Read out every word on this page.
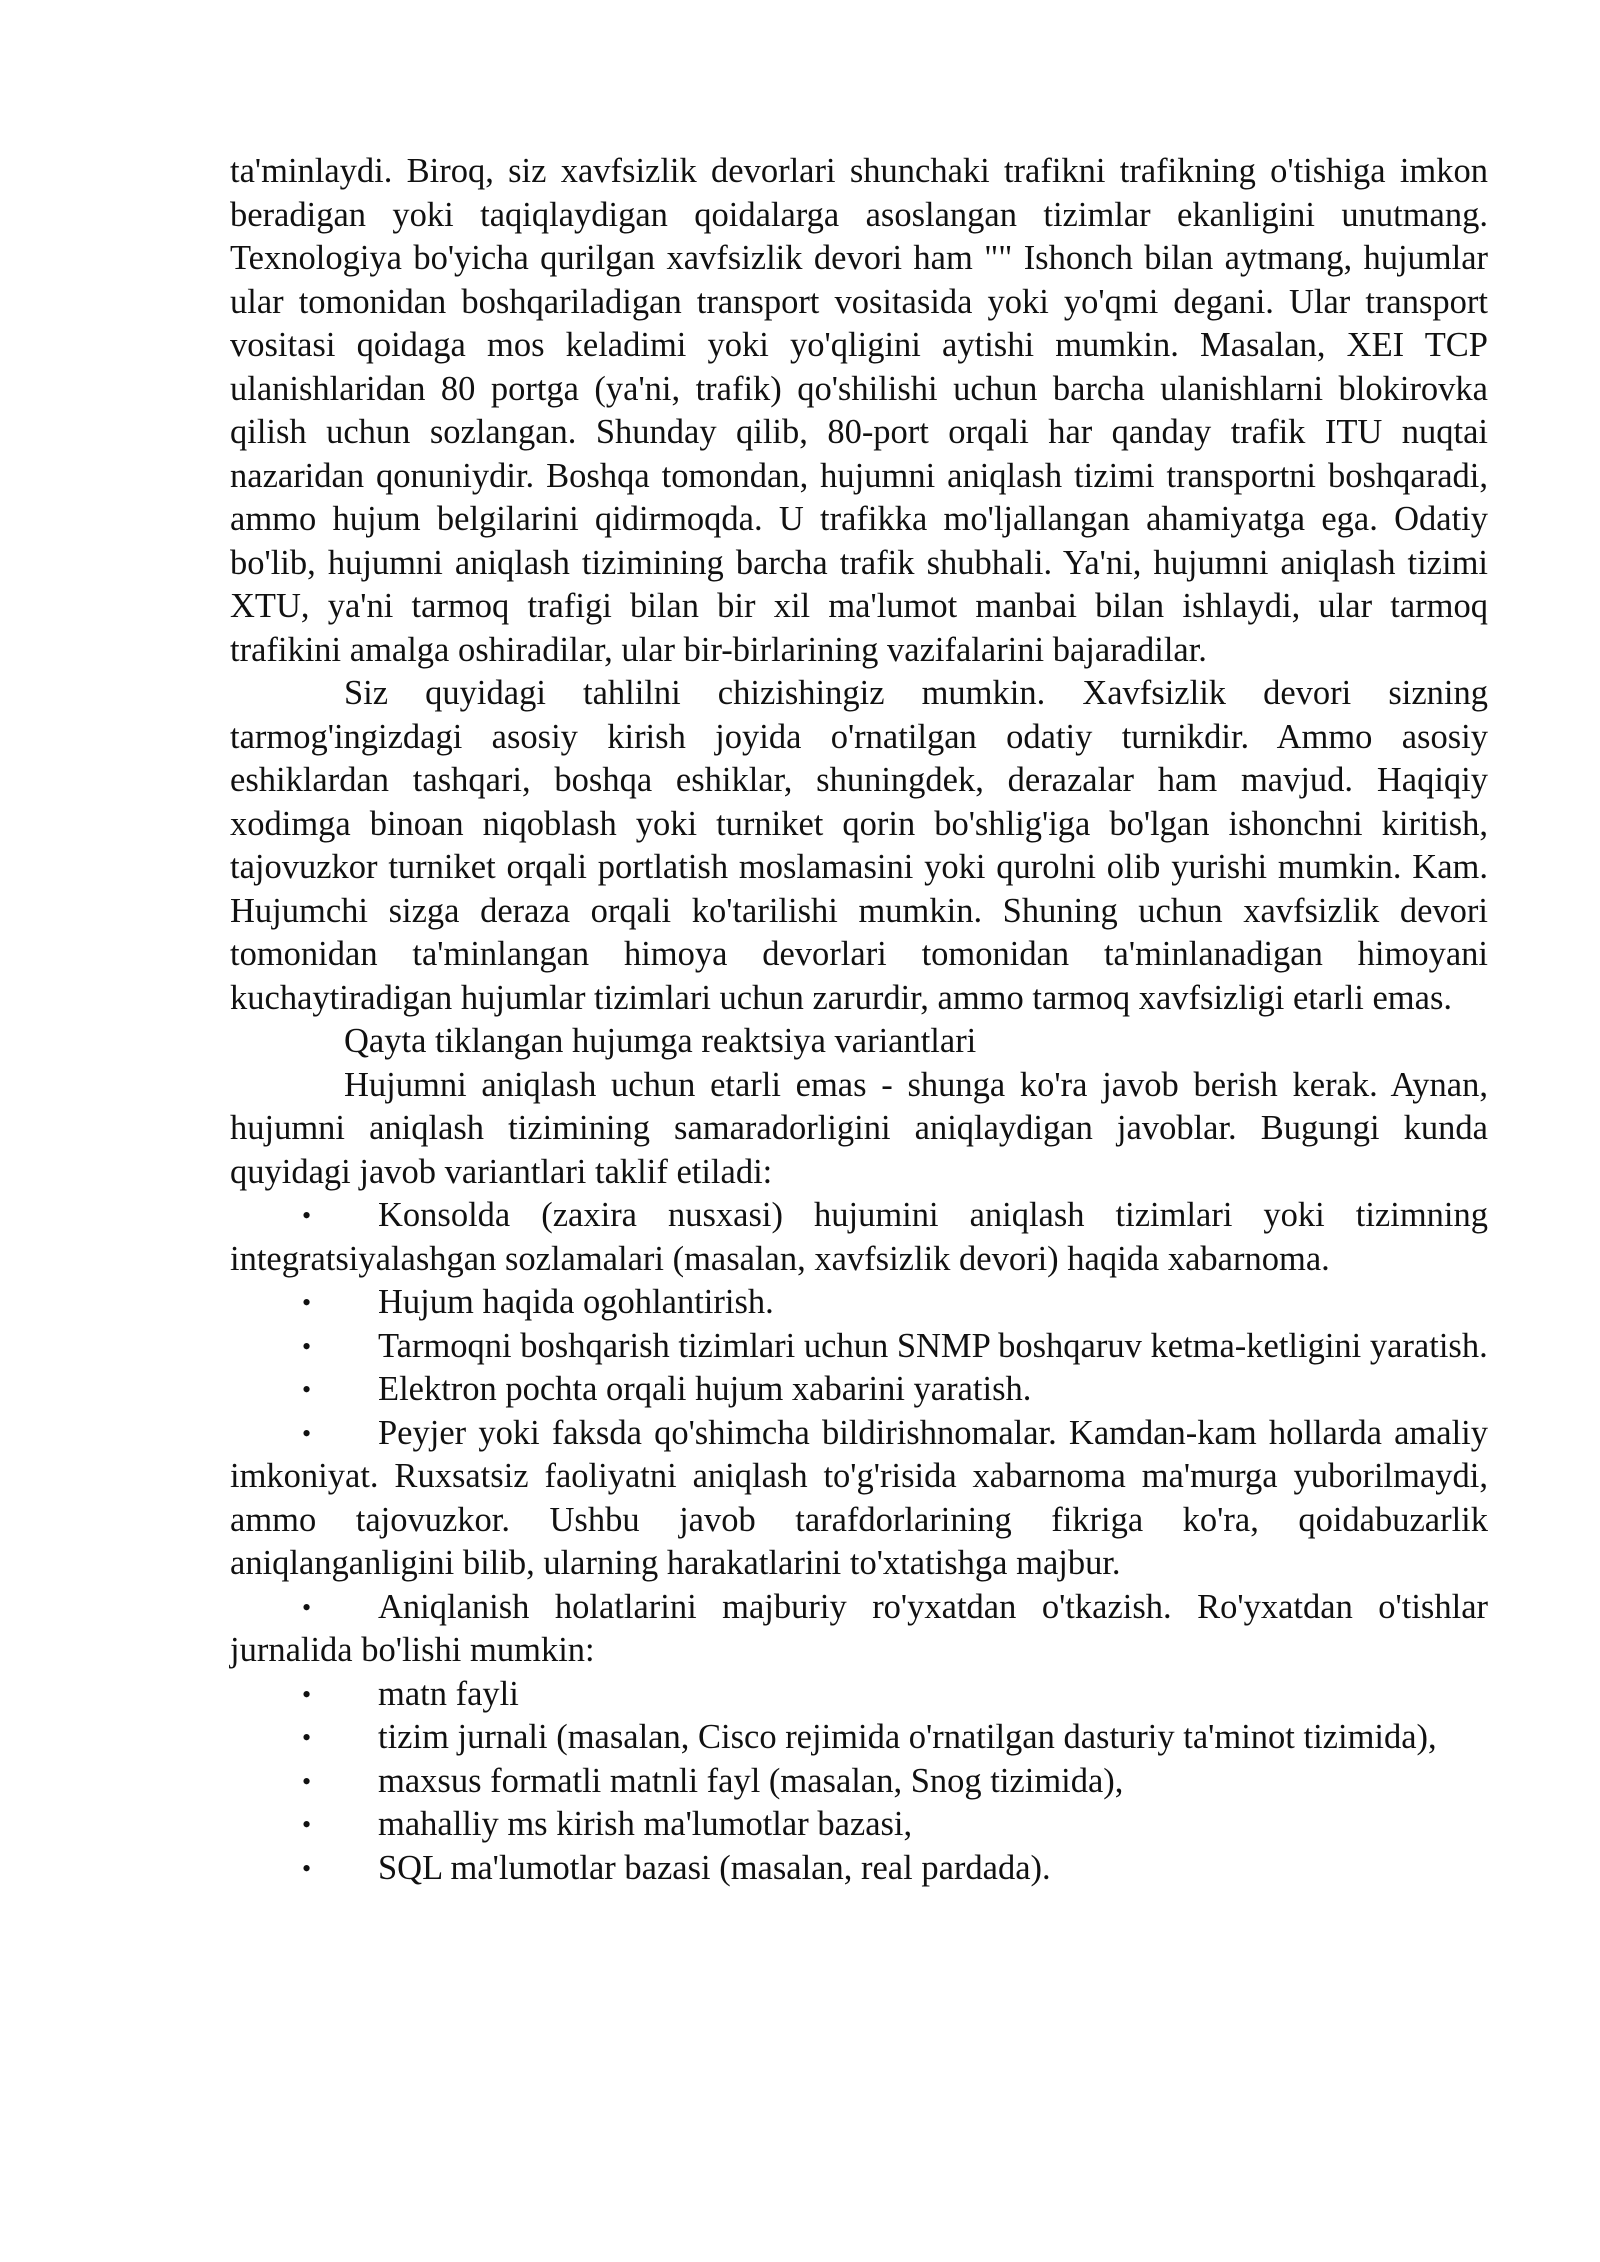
ta'minlaydi. Biroq, siz xavfsizlik devorlari shunchaki trafikni trafikning o'tishiga imkon beradigan yoki taqiqlaydigan qoidalarga asoslangan tizimlar ekanligini unutmang. Texnologiya bo'yicha qurilgan xavfsizlik devori ham "" Ishonch bilan aytmang, hujumlar ular tomonidan boshqariladigan transport vositasida yoki yo'qmi degani. Ular transport vositasi qoidaga mos keladimi yoki yo'qligini aytishi mumkin. Masalan, XEI TCP ulanishlaridan 80 portga (ya'ni, trafik) qo'shilishi uchun barcha ulanishlarni blokirovka qilish uchun sozlangan. Shunday qilib, 80-port orqali har qanday trafik ITU nuqtai nazaridan qonuniydir. Boshqa tomondan, hujumni aniqlash tizimi transportni boshqaradi, ammo hujum belgilarini qidirmoqda. U trafikka mo'ljallangan ahamiyatga ega. Odatiy bo'lib, hujumni aniqlash tizimining barcha trafik shubhali. Ya'ni, hujumni aniqlash tizimi XTU, ya'ni tarmoq trafigi bilan bir xil ma'lumot manbai bilan ishlaydi, ular tarmoq trafikini amalga oshiradilar, ular bir-birlarining vazifalarini bajaradilar.

Siz quyidagi tahlilni chizishingiz mumkin. Xavfsizlik devori sizning tarmog'ingizdagi asosiy kirish joyida o'rnatilgan odatiy turnikdir. Ammo asosiy eshiklardan tashqari, boshqa eshiklar, shuningdek, derazalar ham mavjud. Haqiqiy xodimga binoan niqoblash yoki turniket qorin bo'shlig'iga bo'lgan ishonchni kiritish, tajovuzkor turniket orqali portlatish moslamasini yoki qurolni olib yurishi mumkin. Kam. Hujumchi sizga deraza orqali ko'tarilishi mumkin. Shuning uchun xavfsizlik devori tomonidan ta'minlangan himoya devorlari tomonidan ta'minlanadigan himoyani kuchaytiradigan hujumlar tizimlari uchun zarurdir, ammo tarmoq xavfsizligi etarli emas.

Qayta tiklangan hujumga reaktsiya variantlari

Hujumni aniqlash uchun etarli emas - shunga ko'ra javob berish kerak. Aynan, hujumni aniqlash tizimining samaradorligini aniqlaydigan javoblar. Bugungi kunda quyidagi javob variantlari taklif etiladi:

• Konsolda (zaxira nusxasi) hujumini aniqlash tizimlari yoki tizimning integratsiyalashgan sozlamalari (masalan, xavfsizlik devori) haqida xabarnoma.

• Hujum haqida ogohlantirish.

• Tarmoqni boshqarish tizimlari uchun SNMP boshqaruv ketma-ketligini yaratish.

• Elektron pochta orqali hujum xabarini yaratish.

• Peyjer yoki faksda qo'shimcha bildirishnomalar. Kamdan-kam hollarda amaliy imkoniyat. Ruxsatsiz faoliyatni aniqlash to'g'risida xabarnoma ma'murga yuborilmaydi, ammo tajovuzkor. Ushbu javob tarafdorlarining fikriga ko'ra, qoidabuzarlik aniqlanganligini bilib, ularning harakatlarini to'xtatishga majbur.

• Aniqlanish holatlarini majburiy ro'yxatdan o'tkazish. Ro'yxatdan o'tishlar jurnalida bo'lishi mumkin:

• matn fayli

• tizim jurnali (masalan, Cisco rejimida o'rnatilgan dasturiy ta'minot tizimida),

• maxsus formatli matnli fayl (masalan, Snog tizimida),

• mahalliy ms kirish ma'lumotlar bazasi,

• SQL ma'lumotlar bazasi (masalan, real pardada).
